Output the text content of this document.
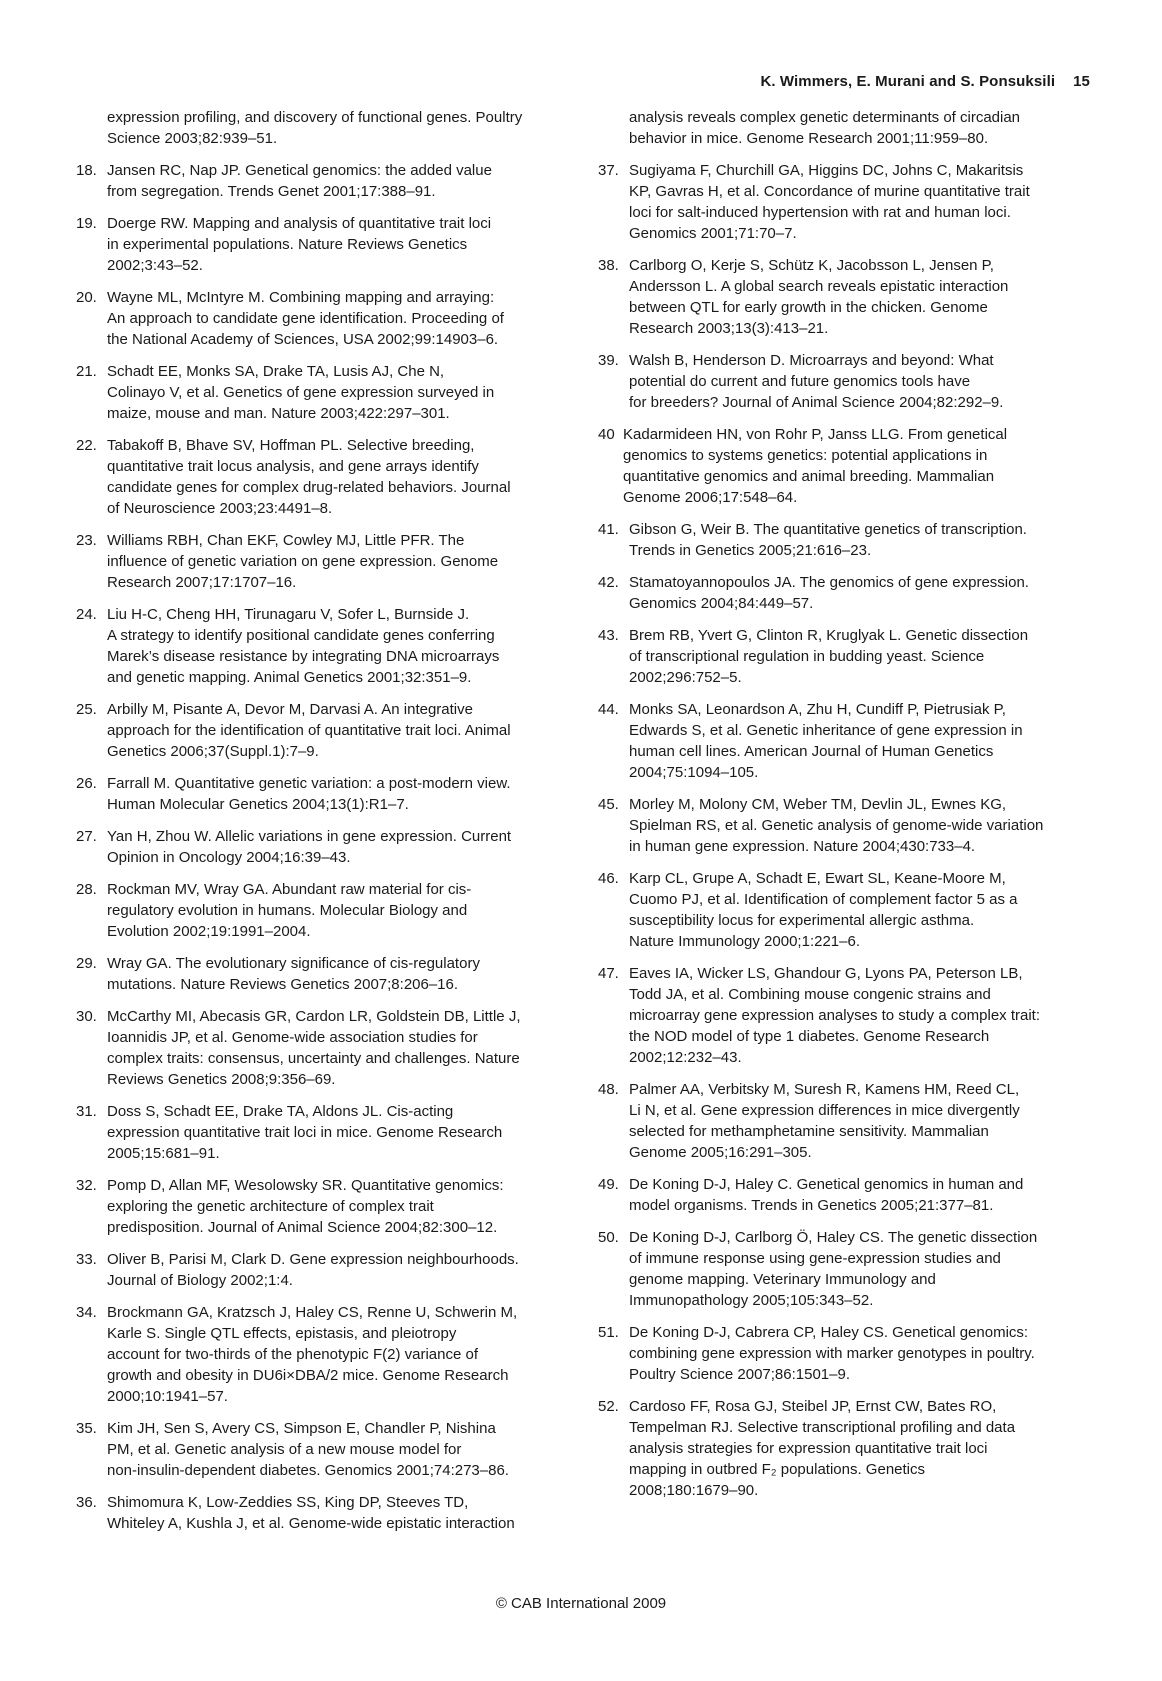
K. Wimmers, E. Murani and S. Ponsuksili 15
expression profiling, and discovery of functional genes. Poultry
Science 2003;82:939–51.
18. Jansen RC, Nap JP. Genetical genomics: the added value
from segregation. Trends Genet 2001;17:388–91.
19. Doerge RW. Mapping and analysis of quantitative trait loci
in experimental populations. Nature Reviews Genetics
2002;3:43–52.
20. Wayne ML, McIntyre M. Combining mapping and arraying:
An approach to candidate gene identification. Proceeding of
the National Academy of Sciences, USA 2002;99:14903–6.
21. Schadt EE, Monks SA, Drake TA, Lusis AJ, Che N,
Colinayo V, et al. Genetics of gene expression surveyed in
maize, mouse and man. Nature 2003;422:297–301.
22. Tabakoff B, Bhave SV, Hoffman PL. Selective breeding,
quantitative trait locus analysis, and gene arrays identify
candidate genes for complex drug-related behaviors. Journal
of Neuroscience 2003;23:4491–8.
23. Williams RBH, Chan EKF, Cowley MJ, Little PFR. The
influence of genetic variation on gene expression. Genome
Research 2007;17:1707–16.
24. Liu H-C, Cheng HH, Tirunagaru V, Sofer L, Burnside J.
A strategy to identify positional candidate genes conferring
Marek’s disease resistance by integrating DNA microarrays
and genetic mapping. Animal Genetics 2001;32:351–9.
25. Arbilly M, Pisante A, Devor M, Darvasi A. An integrative
approach for the identification of quantitative trait loci. Animal
Genetics 2006;37(Suppl.1):7–9.
26. Farrall M. Quantitative genetic variation: a post-modern view.
Human Molecular Genetics 2004;13(1):R1–7.
27. Yan H, Zhou W. Allelic variations in gene expression. Current
Opinion in Oncology 2004;16:39–43.
28. Rockman MV, Wray GA. Abundant raw material for cis-
regulatory evolution in humans. Molecular Biology and
Evolution 2002;19:1991–2004.
29. Wray GA. The evolutionary significance of cis-regulatory
mutations. Nature Reviews Genetics 2007;8:206–16.
30. McCarthy MI, Abecasis GR, Cardon LR, Goldstein DB, Little J,
Ioannidis JP, et al. Genome-wide association studies for
complex traits: consensus, uncertainty and challenges. Nature
Reviews Genetics 2008;9:356–69.
31. Doss S, Schadt EE, Drake TA, Aldons JL. Cis-acting
expression quantitative trait loci in mice. Genome Research
2005;15:681–91.
32. Pomp D, Allan MF, Wesolowsky SR. Quantitative genomics:
exploring the genetic architecture of complex trait
predisposition. Journal of Animal Science 2004;82:300–12.
33. Oliver B, Parisi M, Clark D. Gene expression neighbourhoods.
Journal of Biology 2002;1:4.
34. Brockmann GA, Kratzsch J, Haley CS, Renne U, Schwerin M,
Karle S. Single QTL effects, epistasis, and pleiotropy
account for two-thirds of the phenotypic F(2) variance of
growth and obesity in DU6i×DBA/2 mice. Genome Research
2000;10:1941–57.
35. Kim JH, Sen S, Avery CS, Simpson E, Chandler P, Nishina
PM, et al. Genetic analysis of a new mouse model for
non-insulin-dependent diabetes. Genomics 2001;74:273–86.
36. Shimomura K, Low-Zeddies SS, King DP, Steeves TD,
Whiteley A, Kushla J, et al. Genome-wide epistatic interaction
analysis reveals complex genetic determinants of circadian
behavior in mice. Genome Research 2001;11:959–80.
37. Sugiyama F, Churchill GA, Higgins DC, Johns C, Makaritsis
KP, Gavras H, et al. Concordance of murine quantitative trait
loci for salt-induced hypertension with rat and human loci.
Genomics 2001;71:70–7.
38. Carlborg O, Kerje S, Schütz K, Jacobsson L, Jensen P,
Andersson L. A global search reveals epistatic interaction
between QTL for early growth in the chicken. Genome
Research 2003;13(3):413–21.
39. Walsh B, Henderson D. Microarrays and beyond: What
potential do current and future genomics tools have
for breeders? Journal of Animal Science 2004;82:292–9.
40 Kadarmideen HN, von Rohr P, Janss LLG. From genetical
genomics to systems genetics: potential applications in
quantitative genomics and animal breeding. Mammalian
Genome 2006;17:548–64.
41. Gibson G, Weir B. The quantitative genetics of transcription.
Trends in Genetics 2005;21:616–23.
42. Stamatoyannopoulos JA. The genomics of gene expression.
Genomics 2004;84:449–57.
43. Brem RB, Yvert G, Clinton R, Kruglyak L. Genetic dissection
of transcriptional regulation in budding yeast. Science
2002;296:752–5.
44. Monks SA, Leonardson A, Zhu H, Cundiff P, Pietrusiak P,
Edwards S, et al. Genetic inheritance of gene expression in
human cell lines. American Journal of Human Genetics
2004;75:1094–105.
45. Morley M, Molony CM, Weber TM, Devlin JL, Ewnes KG,
Spielman RS, et al. Genetic analysis of genome-wide variation
in human gene expression. Nature 2004;430:733–4.
46. Karp CL, Grupe A, Schadt E, Ewart SL, Keane-Moore M,
Cuomo PJ, et al. Identification of complement factor 5 as a
susceptibility locus for experimental allergic asthma.
Nature Immunology 2000;1:221–6.
47. Eaves IA, Wicker LS, Ghandour G, Lyons PA, Peterson LB,
Todd JA, et al. Combining mouse congenic strains and
microarray gene expression analyses to study a complex trait:
the NOD model of type 1 diabetes. Genome Research
2002;12:232–43.
48. Palmer AA, Verbitsky M, Suresh R, Kamens HM, Reed CL,
Li N, et al. Gene expression differences in mice divergently
selected for methamphetamine sensitivity. Mammalian
Genome 2005;16:291–305.
49. De Koning D-J, Haley C. Genetical genomics in human and
model organisms. Trends in Genetics 2005;21:377–81.
50. De Koning D-J, Carlborg Ö, Haley CS. The genetic dissection
of immune response using gene-expression studies and
genome mapping. Veterinary Immunology and
Immunopathology 2005;105:343–52.
51. De Koning D-J, Cabrera CP, Haley CS. Genetical genomics:
combining gene expression with marker genotypes in poultry.
Poultry Science 2007;86:1501–9.
52. Cardoso FF, Rosa GJ, Steibel JP, Ernst CW, Bates RO,
Tempelman RJ. Selective transcriptional profiling and data
analysis strategies for expression quantitative trait loci
mapping in outbred F₂ populations. Genetics
2008;180:1679–90.
© CAB International 2009
